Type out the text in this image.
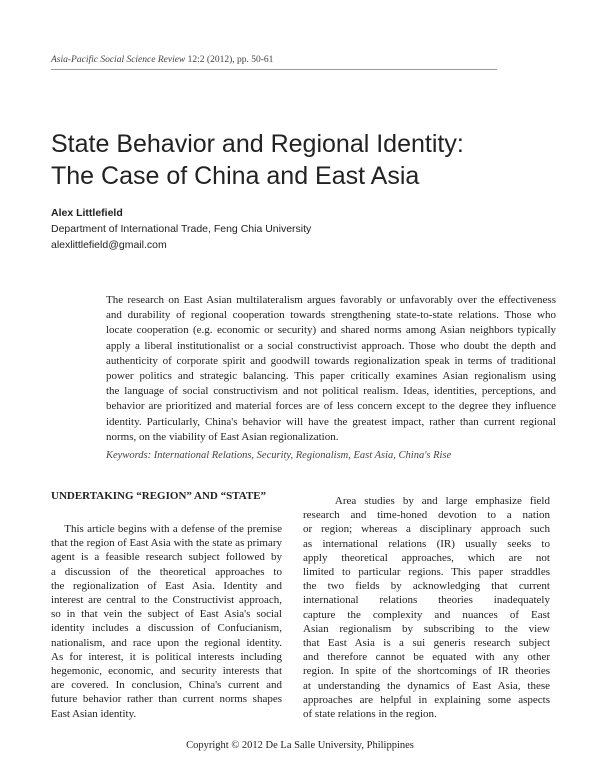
Asia-Pacific Social Science Review 12:2 (2012), pp. 50-61
State Behavior and Regional Identity:
The Case of China and East Asia
Alex Littlefield
Department of International Trade, Feng Chia University
alexlittlefield@gmail.com
The research on East Asian multilateralism argues favorably or unfavorably over the effectiveness
and durability of regional cooperation towards strengthening state-to-state relations. Those who
locate cooperation (e.g. economic or security) and shared norms among Asian neighbors typically
apply a liberal institutionalist or a social constructivist approach. Those who doubt the depth and
authenticity of corporate spirit and goodwill towards regionalization speak in terms of traditional
power politics and strategic balancing. This paper critically examines Asian regionalism using
the language of social constructivism and not political realism. Ideas, identities, perceptions, and
behavior are prioritized and material forces are of less concern except to the degree they influence
identity. Particularly, China's behavior will have the greatest impact, rather than current regional
norms, on the viability of East Asian regionalization.
Keywords: International Relations, Security, Regionalism, East Asia, China's Rise
UNDERTAKING “REGION” AND “STATE”
This article begins with a defense of the premise
that the region of East Asia with the state as primary
agent is a feasible research subject followed by
a discussion of the theoretical approaches to
the regionalization of East Asia. Identity and
interest are central to the Constructivist approach,
so in that vein the subject of East Asia's social
identity includes a discussion of Confucianism,
nationalism, and race upon the regional identity.
As for interest, it is political interests including
hegemonic, economic, and security interests that
are covered. In conclusion, China's current and
future behavior rather than current norms shapes
East Asian identity.
Area studies by and large emphasize field
research and time-honed devotion to a nation
or region; whereas a disciplinary approach such
as international relations (IR) usually seeks to
apply theoretical approaches, which are not
limited to particular regions. This paper straddles
the two fields by acknowledging that current
international relations theories inadequately
capture the complexity and nuances of East
Asian regionalism by subscribing to the view
that East Asia is a sui generis research subject
and therefore cannot be equated with any other
region. In spite of the shortcomings of IR theories
at understanding the dynamics of East Asia, these
approaches are helpful in explaining some aspects
of state relations in the region.
Copyright © 2012 De La Salle University, Philippines
